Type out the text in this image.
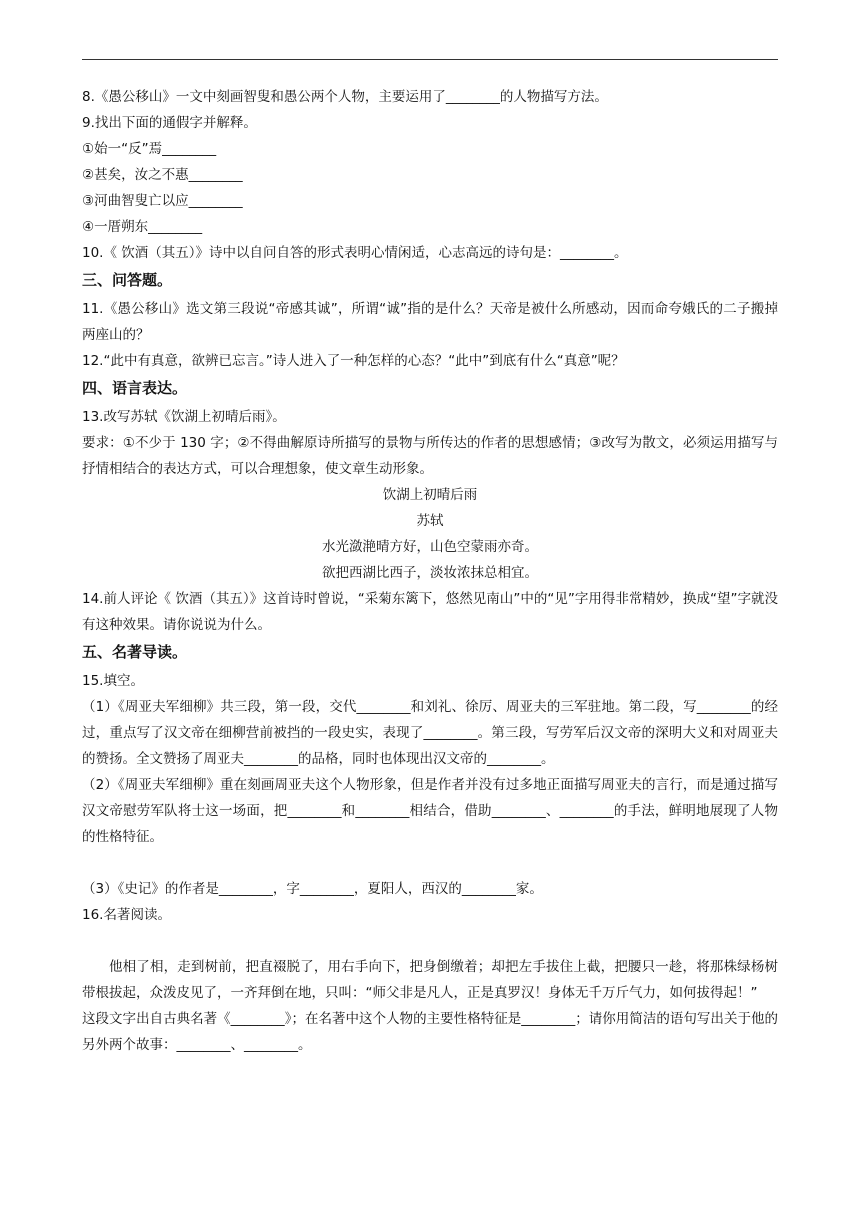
8.《愚公移山》一文中刻画智叟和愚公两个人物，主要运用了________的人物描写方法。
9.找出下面的通假字并解释。
①始一“反”焉________
②甚矣，汝之不惠________
③河曲智叟亡以应________
④一厝朔东________
10.《 饮酒（其五）》诗中以自问自答的形式表明心情闲适，心志高远的诗句是：________。
三、问答题。
11.《愚公移山》选文第三段说“帝感其诚”，所谓“诚”指的是什么？天帝是被什么所感动，因而命夸娥氏的二子搬掉两座山的？
12.“此中有真意，欲辨已忘言。”诗人进入了一种怎样的心态？“此中”到底有什么“真意”呢？
四、语言表达。
13.改写苏轼《饮湖上初晴后雨》。
要求：①不少于 130 字；②不得曲解原诗所描写的景物与所传达的作者的思想感情；③改写为散文，必须运用描写与抒情相结合的表达方式，可以合理想象，使文章生动形象。
饮湖上初晴后雨
苏轼
水光潋滟晴方好，山色空蒙雨亦奇。
欲把西湖比西子，淡妆浓抹总相宜。
14.前人评论《 饮酒（其五）》这首诗时曾说，“采菊东篱下，悠然见南山”中的“见”字用得非常精妙，换成“望”字就没有这种效果。请你说说为什么。
五、名著导读。
15.填空。
（1）《周亚夫军细柳》共三段，第一段，交代________和刘礼、徐厉、周亚夫的三军驻地。第二段，写________的经过，重点写了汉文帝在细柳营前被挡的一段史实，表现了________。第三段，写劳军后汉文帝的深明大义和对周亚夫的赞扬。全文赞扬了周亚夫________的品格，同时也体现出汉文帝的________。
（2）《周亚夫军细柳》重在刻画周亚夫这个人物形象，但是作者并没有过多地正面描写周亚夫的言行，而是通过描写汉文帝慰劳军队将士这一场面，把________和________相结合，借助________、________的手法，鲜明地展现了人物的性格特征。
（3）《史记》的作者是________，字________，夏阳人，西汉的________家。
16.名著阅读。
他相了相，走到树前，把直裰脱了，用右手向下，把身倒缴着；却把左手拔住上截，把腰只一趁，将那株绿杨树带根拔起，众泼皮见了，一齐拜倒在地，只叫：“师父非是凡人，正是真罗汉！身体无千万斤气力，如何拔得起！”
这段文字出自古典名著《________》；在名著中这个人物的主要性格特征是________；请你用简洁的语句写出关于他的另外两个故事：________、________。
